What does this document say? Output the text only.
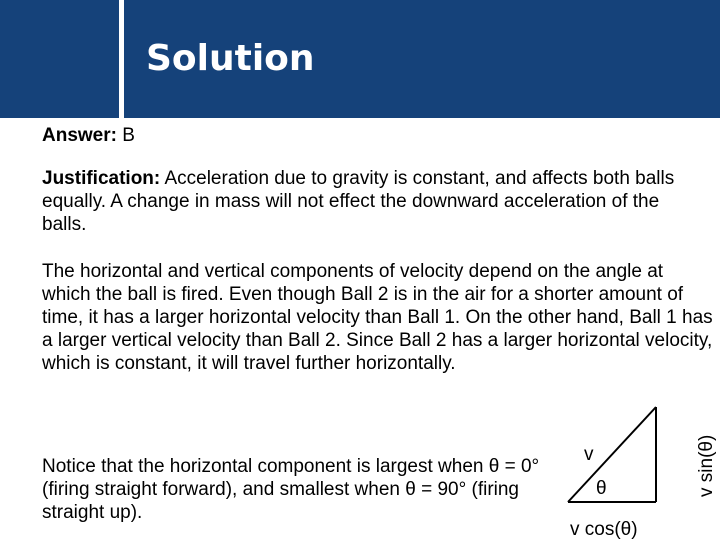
Solution
Answer: B
Justification: Acceleration due to gravity is constant, and affects both balls equally. A change in mass will not effect the downward acceleration of the balls.
The horizontal and vertical components of velocity depend on the angle at which the ball is fired. Even though Ball 2 is in the air for a shorter amount of time, it has a larger horizontal velocity than Ball 1. On the other hand, Ball 1 has a larger vertical velocity than Ball 2. Since Ball 2 has a larger horizontal velocity, which is constant, it will travel further horizontally.
Notice that the horizontal component is largest when θ = 0° (firing straight forward), and smallest when θ = 90° (firing straight up).
v
θ
v cos(θ)
v sin(θ)
